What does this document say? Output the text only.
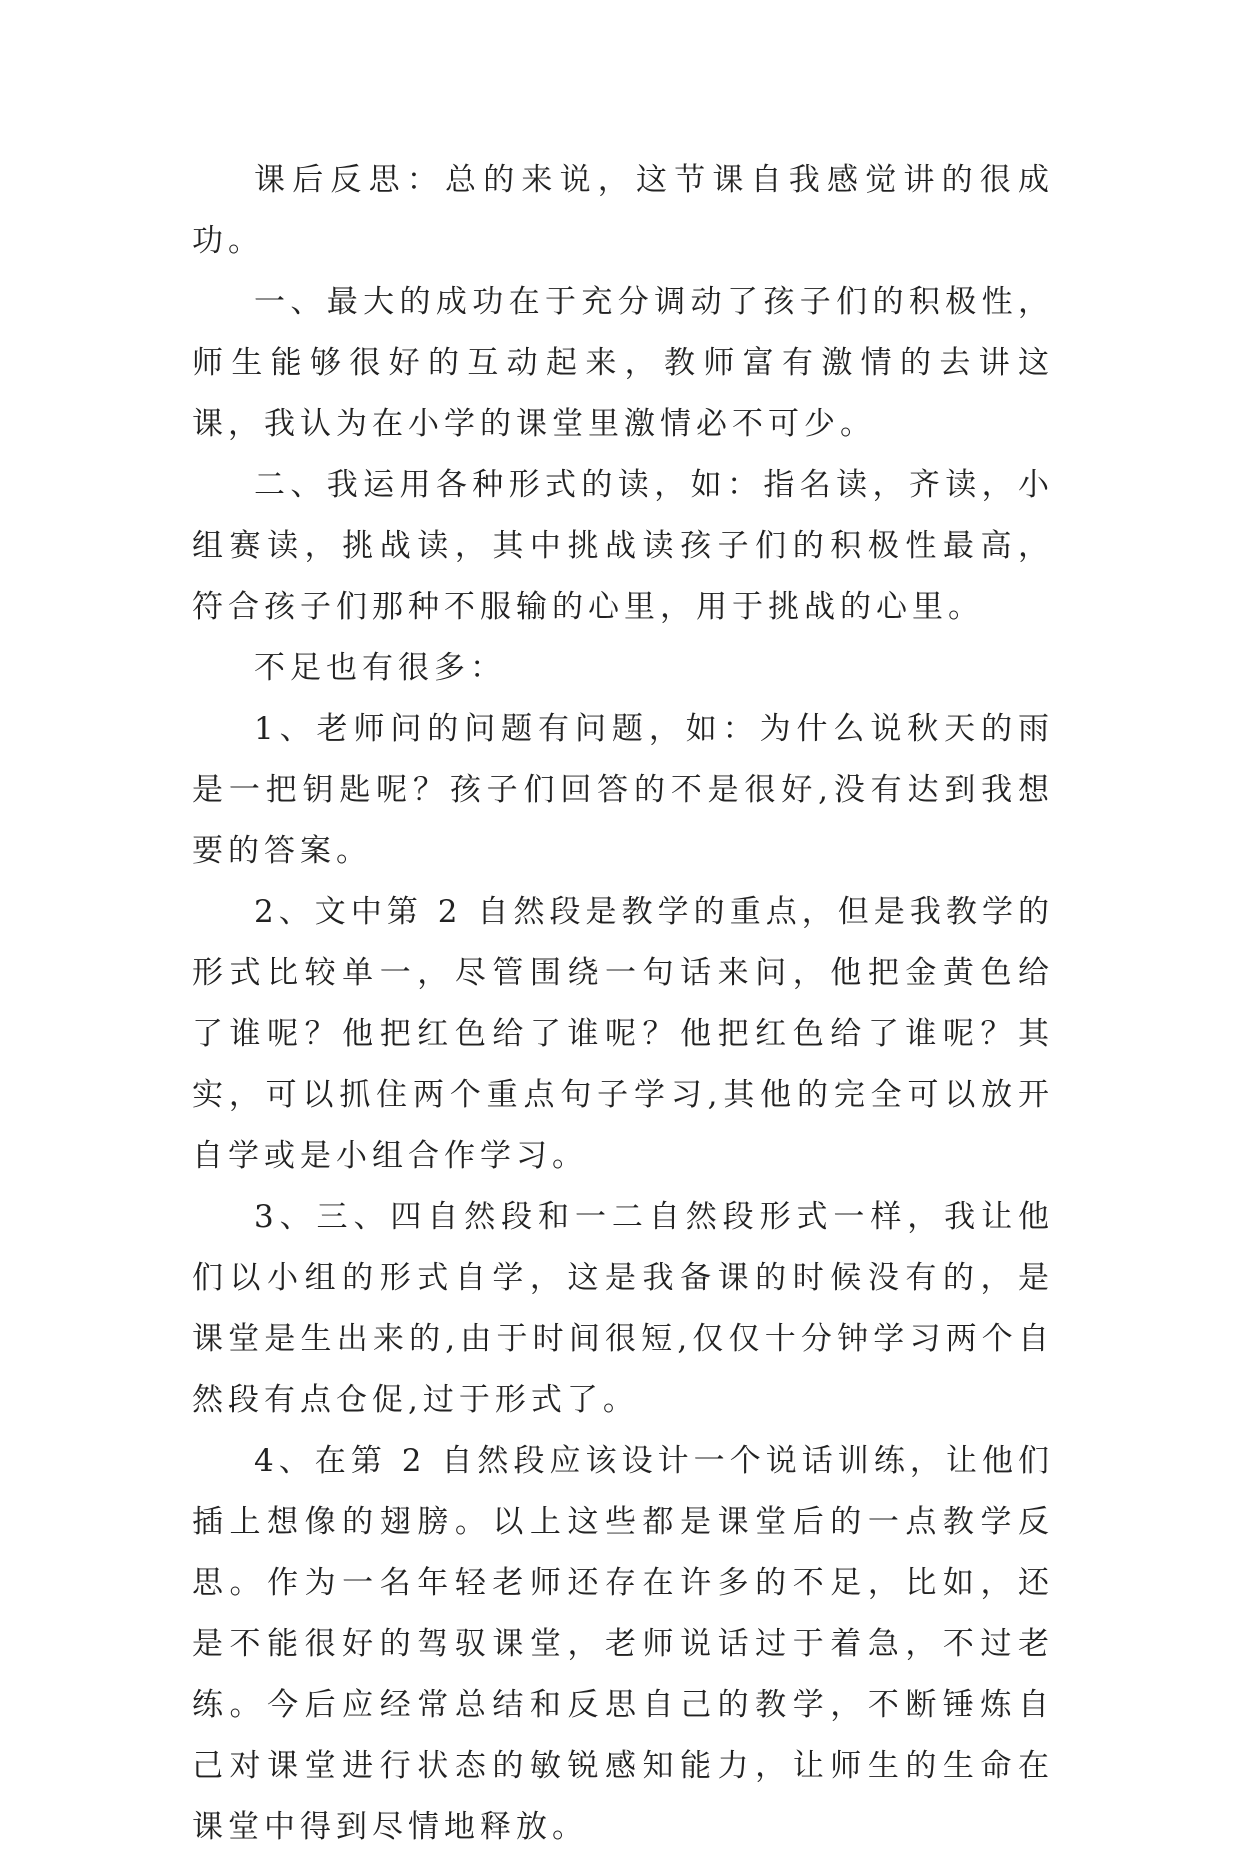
课后反思：总的来说，这节课自我感觉讲的很成功。

一、最大的成功在于充分调动了孩子们的积极性，师生能够很好的互动起来，教师富有激情的去讲这课，我认为在小学的课堂里激情必不可少。

二、我运用各种形式的读，如：指名读，齐读，小组赛读，挑战读，其中挑战读孩子们的积极性最高，符合孩子们那种不服输的心里，用于挑战的心里。

不足也有很多：

1、老师问的问题有问题，如：为什么说秋天的雨是一把钥匙呢？孩子们回答的不是很好,没有达到我想要的答案。

2、文中第 2 自然段是教学的重点，但是我教学的形式比较单一，尽管围绕一句话来问，他把金黄色给了谁呢？他把红色给了谁呢？他把红色给了谁呢？其实，可以抓住两个重点句子学习,其他的完全可以放开自学或是小组合作学习。

3、三、四自然段和一二自然段形式一样，我让他们以小组的形式自学，这是我备课的时候没有的，是课堂是生出来的,由于时间很短,仅仅十分钟学习两个自然段有点仓促,过于形式了。

4、在第 2 自然段应该设计一个说话训练，让他们插上想像的翅膀。以上这些都是课堂后的一点教学反思。作为一名年轻老师还存在许多的不足，比如，还是不能很好的驾驭课堂，老师说话过于着急，不过老练。今后应经常总结和反思自己的教学，不断锤炼自己对课堂进行状态的敏锐感知能力，让师生的生命在课堂中得到尽情地释放。
